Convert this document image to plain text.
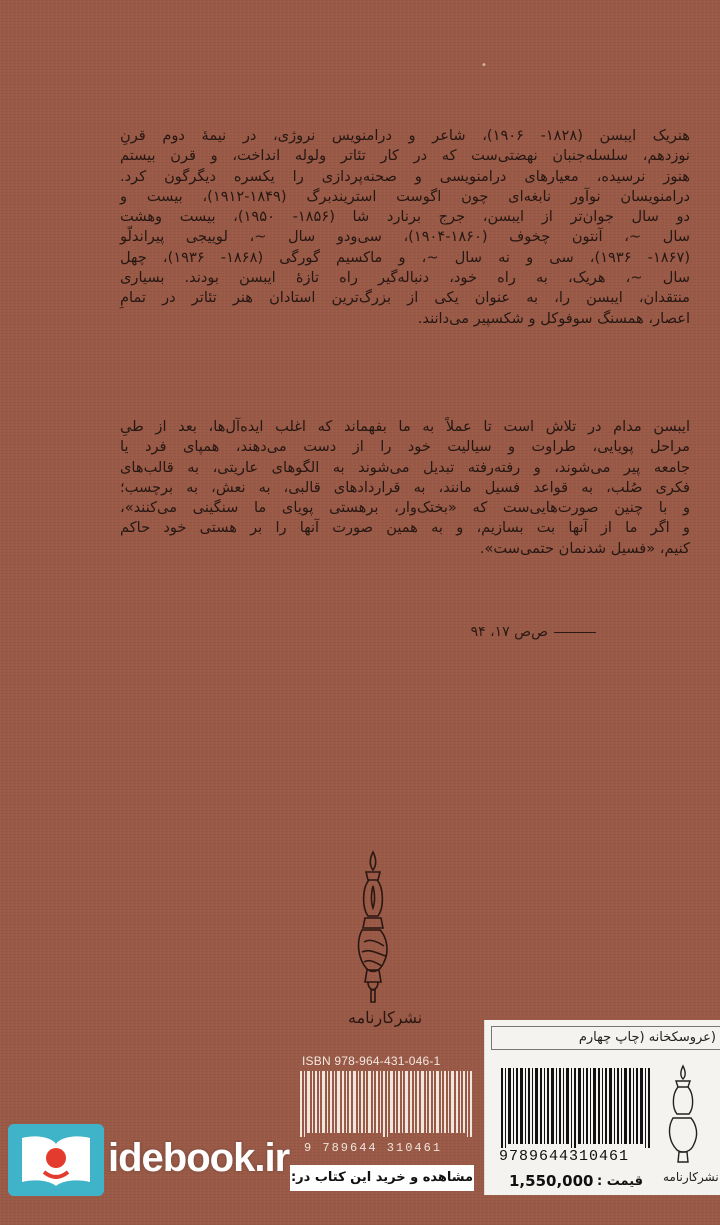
•
هنریک ایبسن (۱۸۲۸- ۱۹۰۶)، شاعر و درامنویس نروژی، در نیمهٔ دوم قرنِ
نوزدهم، سلسله‌جنبان نهضتی‌ست که در کار تئاتر ولوله انداخت، و قرن بیستم
هنوز نرسیده، معیارهای درامنویسی و صحنه‌پردازی را یکسره دیگرگون کرد.
درامنویسان نوآور نابغه‌ای چون اگوست استریندبرگ (۱۸۴۹-۱۹۱۲)، بیست و
دو سال جوان‌تر از ایبسن، جرج برنارد شا (۱۸۵۶- ۱۹۵۰)، بیست وهشت
سال ~، آنتون چخوف (۱۸۶۰-۱۹۰۴)، سی‌ودو سال ~، لوییجی پیراندلّو
(۱۸۶۷- ۱۹۳۶)، سی و نه سال ~، و ماکسیم گورگی (۱۸۶۸- ۱۹۳۶)، چهل
سال ~، هریک، به راه خود، دنباله‌گیر راه تازهٔ ایبسن بودند. بسیاری
منتقدان، ایبسن را، به عنوان یکی از بزرگ‌ترین استادان هنر تئاتر در تمامِ
اعصار، همسنگ سوفوکل و شکسپیر می‌دانند.
ایبسن مدام در تلاش است تا عملاً به ما بفهماند که اغلب ایده‌آل‌ها، بعد از طیِ
مراحل پویایی، طراوت و سیالیت خود را از دست می‌دهند، همپای فرد یا
جامعه پیر می‌شوند، و رفته‌رفته تبدیل می‌شوند به الگوهای عاریتی، به قالب‌های
فکری صُلب، به قواعد فسیل مانند، به قراردادهای قالبی، به نعش، به برچسب؛
و با چنین صورت‌هایی‌ست که «بختک‌وار، برهستی پویای ما سنگینی می‌کنند»،
و اگر ما از آنها بت بسازیم، و به همین صورت آنها را بر هستی خود حاکم
کنیم، «فسیل شدنمان حتمی‌ست».
ص‌ص ۱۷، ۹۴
نشرکارنامه
ISBN 978-964-431-046-1
9 789644 310461
(عروسکخانه (چاپ چهارم
9789644310461
قیمت :
1,550,000	نشرکارنامه
idebook.ir مشاهده و خرید این کتاب در:
